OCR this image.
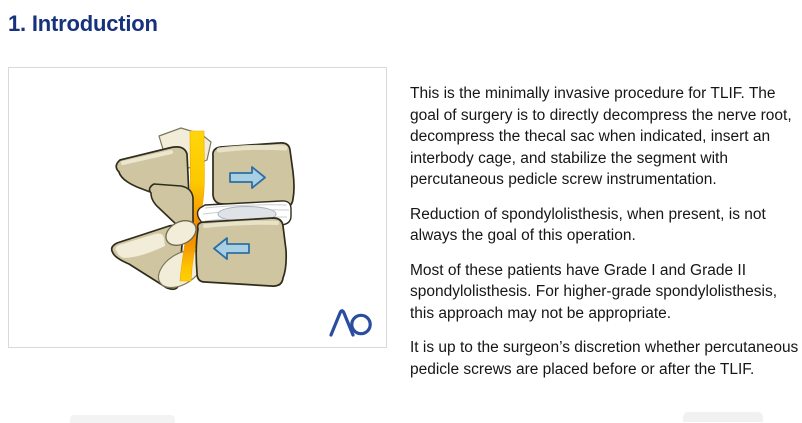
1. Introduction

This is the minimally invasive procedure for TLIF. The goal of surgery is to directly decompress the nerve root, decompress the thecal sac when indicated, insert an interbody cage, and stabilize the segment with percutaneous pedicle screw instrumentation.

Reduction of spondylolisthesis, when present, is not always the goal of this operation.

Most of these patients have Grade I and Grade II spondylolisthesis. For higher-grade spondylolisthesis, this approach may not be appropriate.

It is up to the surgeon’s discretion whether percutaneous pedicle screws are placed before or after the TLIF.
